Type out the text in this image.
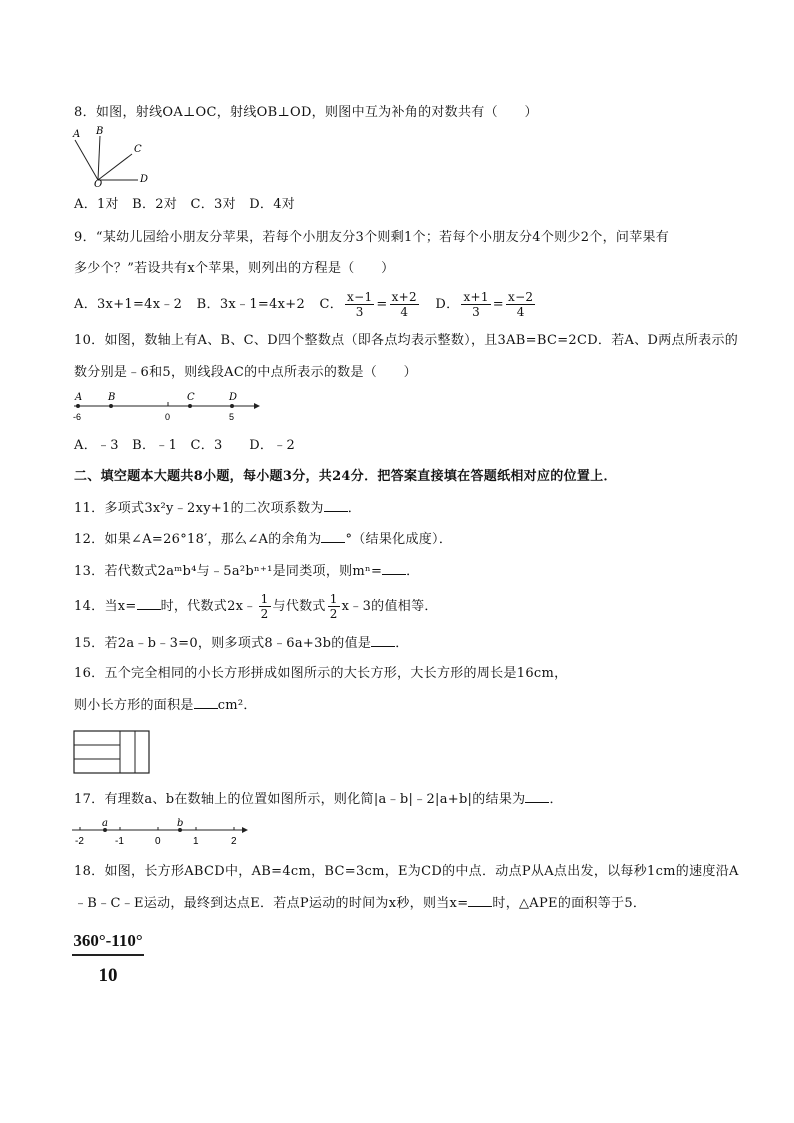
8．如图，射线OA⊥OC，射线OB⊥OD，则图中互为补角的对数共有（　　）
A B
C
D
O
A．1对　B．2对　C．3对　D．4对
9．“某幼儿园给小朋友分苹果，若每个小朋友分3个则剩1个；若每个小朋友分4个则少2个，问苹果有
多少个？”若设共有x个苹果，则列出的方程是（　　）
A．3x+1=4x﹣2 B．3x﹣1=4x+2 C． $\frac{x-1}{3} = \frac{x+2}{4}$ D． $\frac{x+1}{3} = \frac{x-2}{4}$
10．如图，数轴上有A、B、C、D四个整数点（即各点均表示整数），且3AB=BC=2CD．若A、D两点所表示的
数分别是﹣6和5，则线段AC的中点所表示的数是（　　）
A	B	C	D
-6	0	5
A．﹣3　B．﹣1　C．3　　D．﹣2
二、填空题本大题共8小题，每小题3分，共24分．把答案直接填在答题纸相对应的位置上．
11．多项式3x²y﹣2xy+1的二次项系数为 ．
12．如果∠A=26°18′，那么∠A的余角为 °（结果化成度）．
13．若代数式2aᵐb⁴与﹣5a²bⁿ⁺¹是同类项，则mⁿ= ．
14．当x= 时，代数式2x﹣ $\frac{1}{2}$ 与代数式 $\frac{1}{2}$ x﹣3的值相等．
15．若2a﹣b﹣3=0，则多项式8﹣6a+3b的值是 ．
16．五个完全相同的小长方形拼成如图所示的大长方形，大长方形的周长是16cm，
则小长方形的面积是 cm²．
17．有理数a、b在数轴上的位置如图所示，则化简|a﹣b|﹣2|a+b|的结果为 ．
a	b
-2	-1	0	1	2
18．如图，长方形ABCD中，AB=4cm，BC=3cm，E为CD的中点．动点P从A点出发，以每秒1cm的速度沿A
﹣B﹣C﹣E运动，最终到达点E．若点P运动的时间为x秒，则当x= 时，△APE的面积等于5．
$\frac{360^\circ-110^\circ}{10}$
